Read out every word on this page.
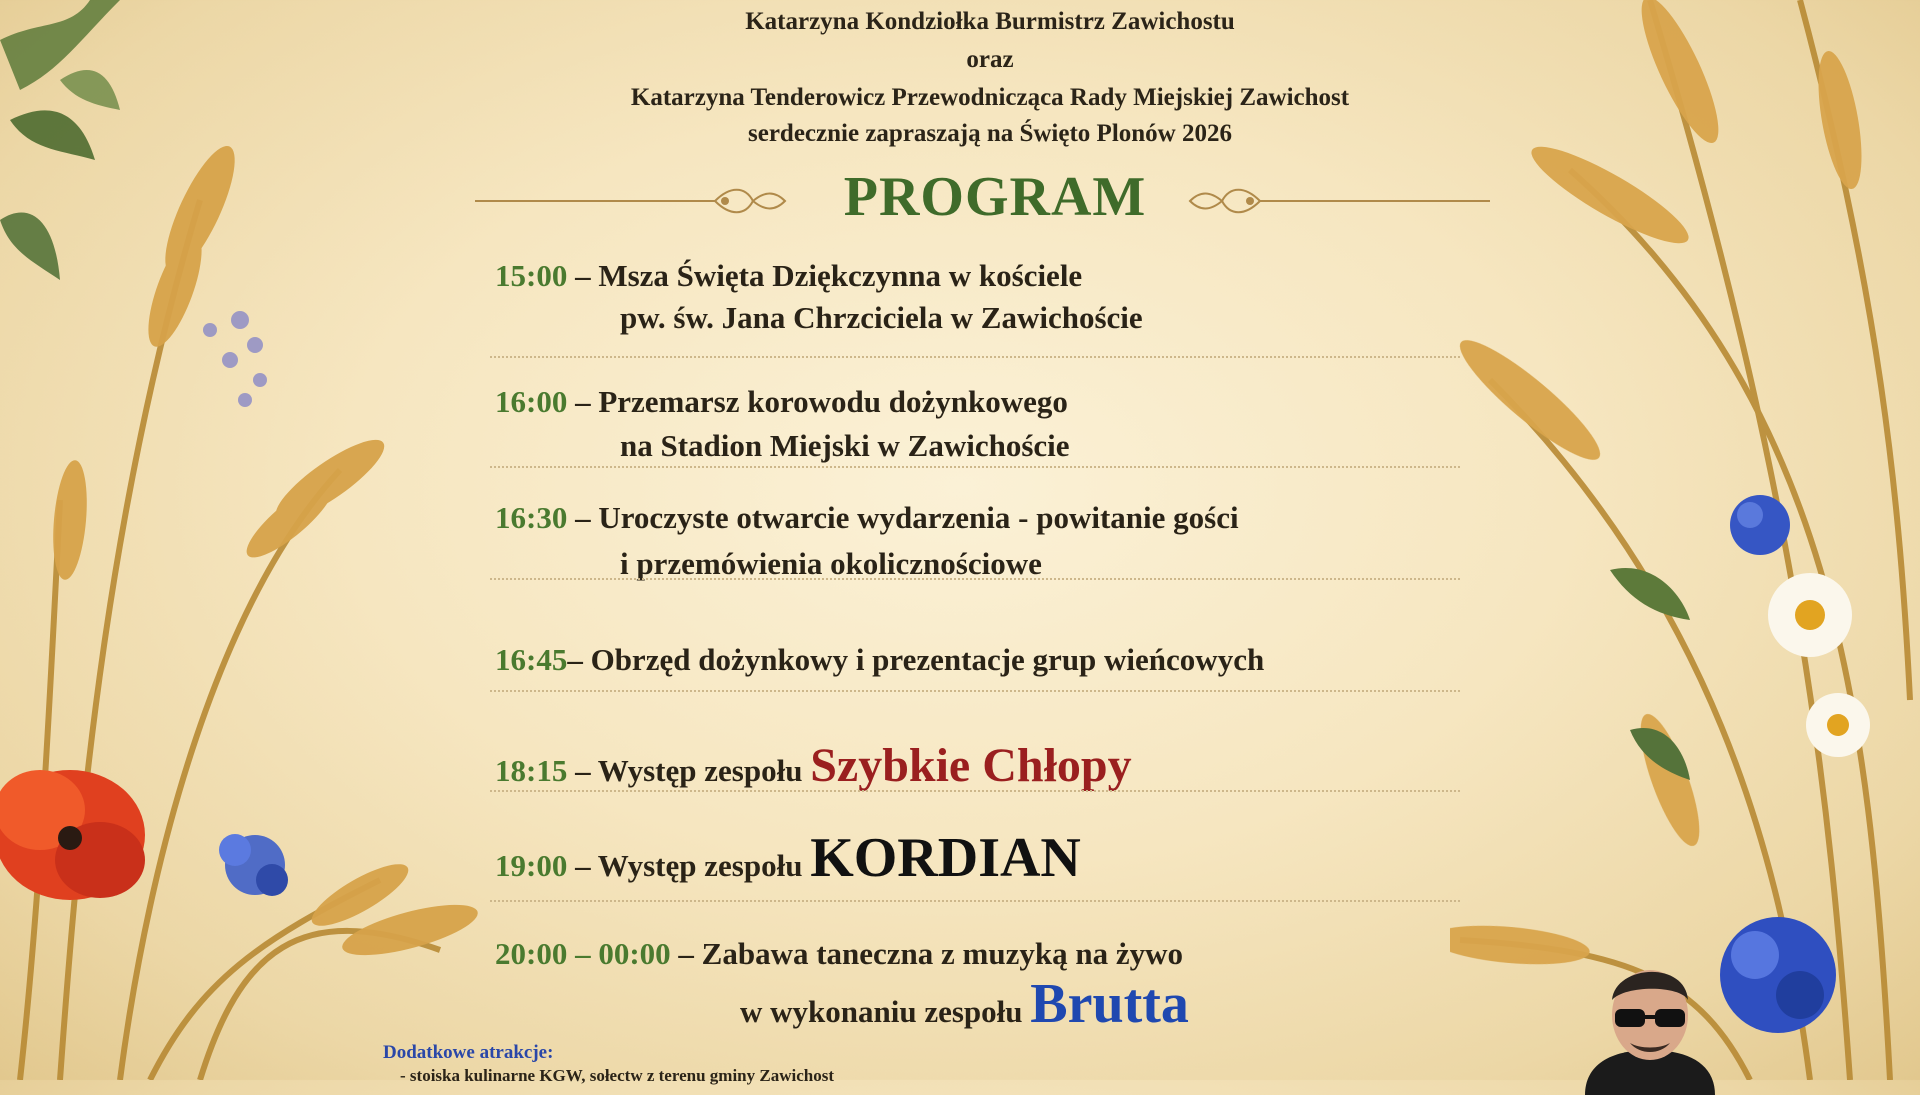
Katarzyna Kondziołka Burmistrz Zawichostu
oraz
Katarzyna Tenderowicz Przewodnicząca Rady Miejskiej Zawichost
serdecznie zapraszają na Święto Plonów 2026
PROGRAM
15:00 – Msza Święta Dziękczynna w kościele
pw. św. Jana Chrzciciela w Zawichoście
16:00 – Przemarsz korowodu dożynkowego
na Stadion Miejski w Zawichoście
16:30 – Uroczyste otwarcie wydarzenia - powitanie gości
i przemówienia okolicznościowe
16:45– Obrzęd dożynkowy i prezentacje grup wieńcowych
18:15 – Występ zespołu Szybkie Chłopy
19:00 – Występ zespołu KORDIAN
20:00 – 00:00 – Zabawa taneczna z muzyką na żywo
w wykonaniu zespołu Brutta
Dodatkowe atrakcje:
- stoiska kulinarne KGW, sołectw z terenu gminy Zawichost
